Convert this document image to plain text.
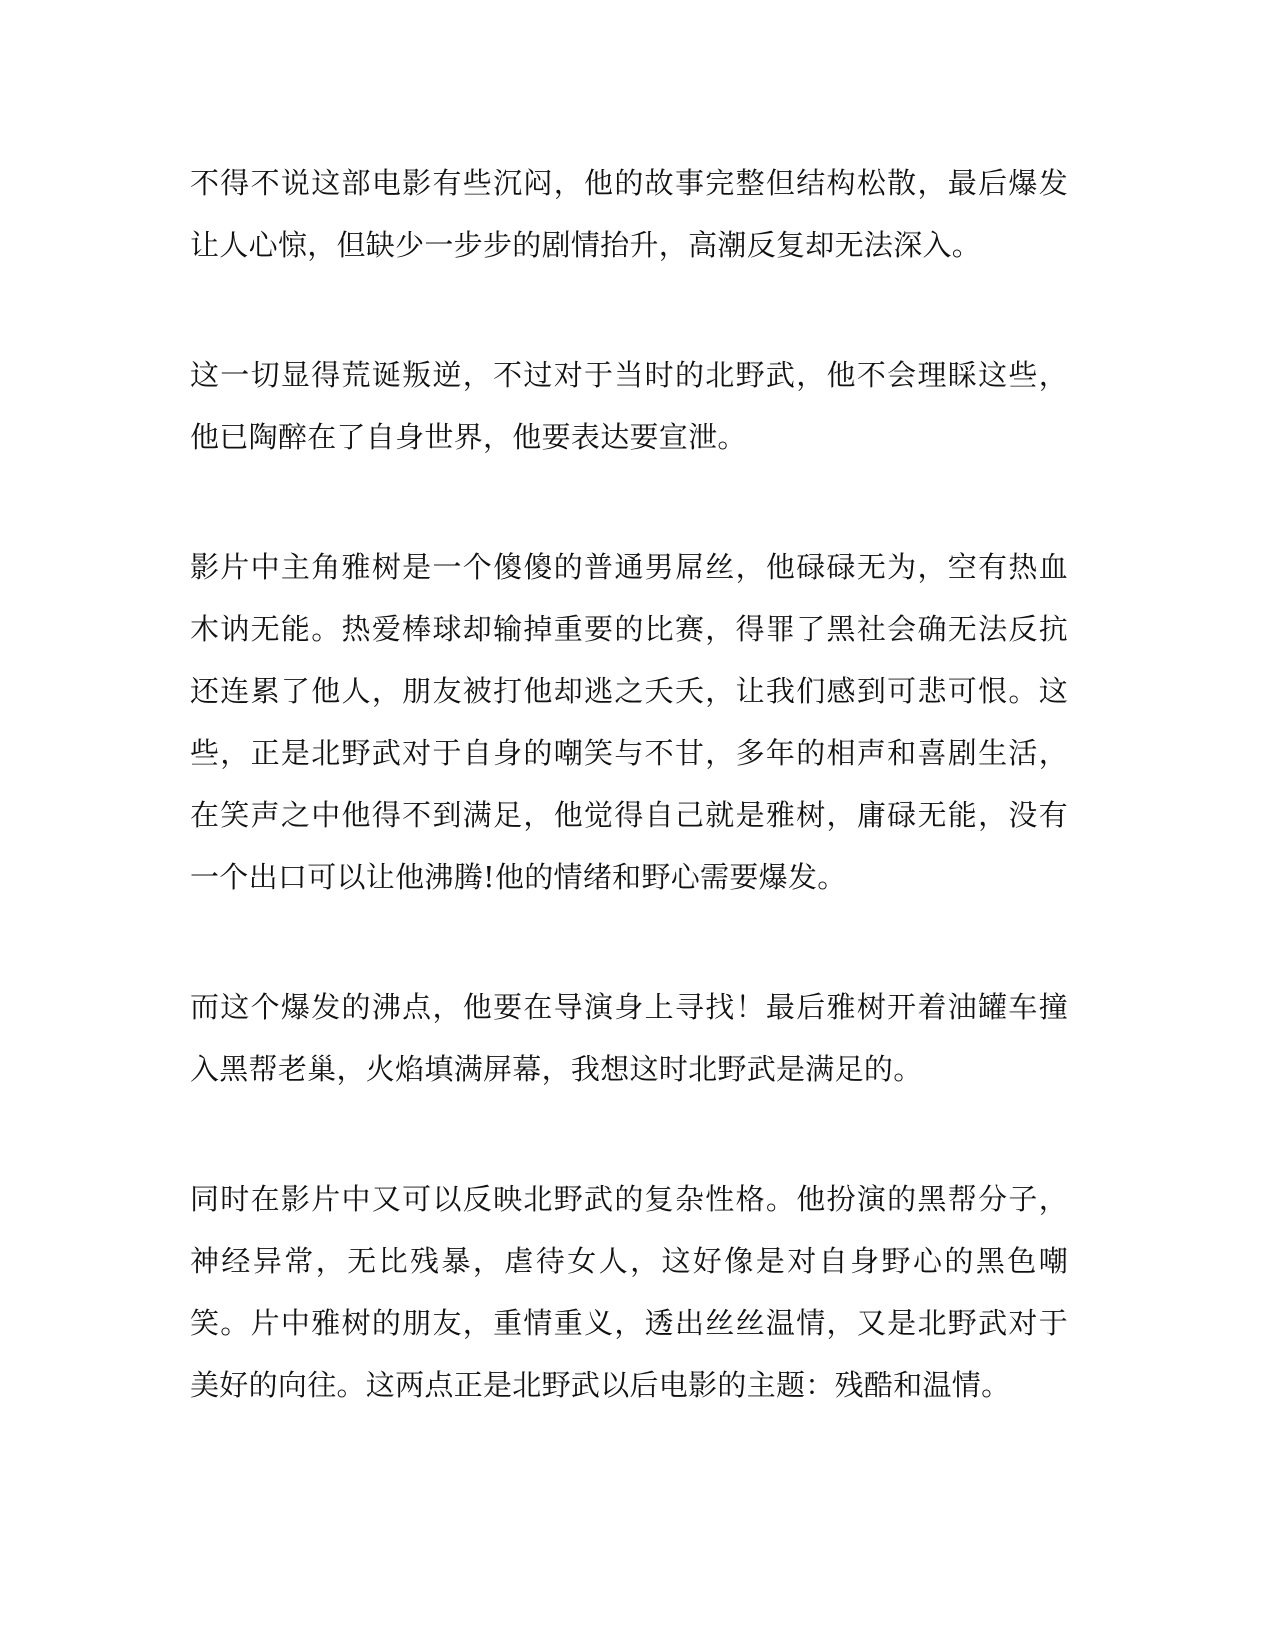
不得不说这部电影有些沉闷，他的故事完整但结构松散，最后爆发让人心惊，但缺少一步步的剧情抬升，高潮反复却无法深入。

这一切显得荒诞叛逆，不过对于当时的北野武，他不会理睬这些，他已陶醉在了自身世界，他要表达要宣泄。

影片中主角雅树是一个傻傻的普通男屌丝，他碌碌无为，空有热血木讷无能。热爱棒球却输掉重要的比赛，得罪了黑社会确无法反抗还连累了他人，朋友被打他却逃之夭夭，让我们感到可悲可恨。这些，正是北野武对于自身的嘲笑与不甘，多年的相声和喜剧生活，在笑声之中他得不到满足，他觉得自己就是雅树，庸碌无能，没有一个出口可以让他沸腾!他的情绪和野心需要爆发。

而这个爆发的沸点，他要在导演身上寻找！最后雅树开着油罐车撞入黑帮老巢，火焰填满屏幕，我想这时北野武是满足的。

同时在影片中又可以反映北野武的复杂性格。他扮演的黑帮分子，神经异常，无比残暴，虐待女人，这好像是对自身野心的黑色嘲笑。片中雅树的朋友，重情重义，透出丝丝温情，又是北野武对于美好的向往。这两点正是北野武以后电影的主题：残酷和温情。
